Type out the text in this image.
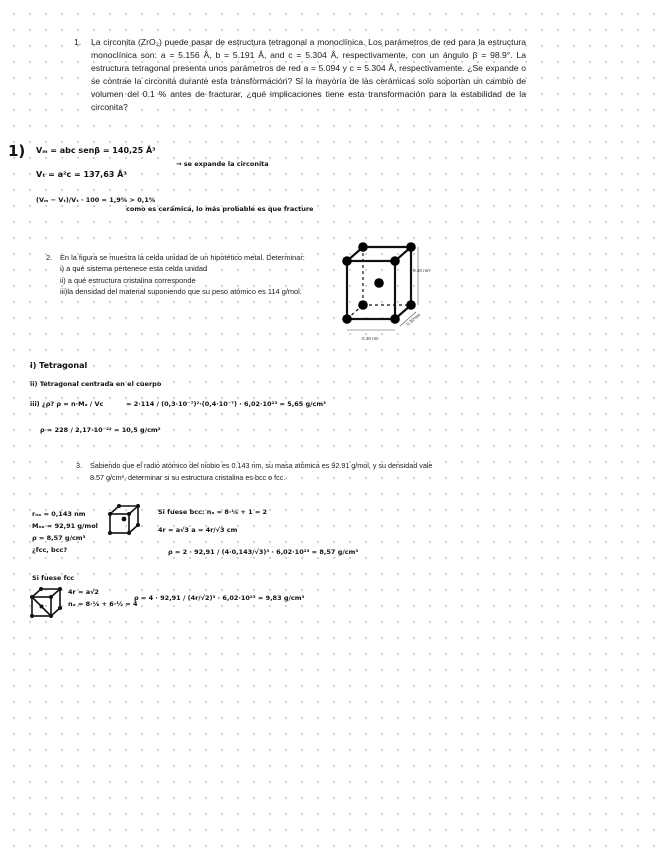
1. La circonita (ZrO₂) puede pasar de estructura tetragonal a monoclínica. Los parámetros de red para la estructura monoclínica son: a = 5.156 Å, b = 5.191 Å, and c = 5.304 Å, respectivamente, con un ángulo β = 98.9°. La estructura tetragonal presenta unos parámetros de red a = 5.094 y c = 5.304 Å, respectivamente. ¿Se expande o se contrae la circonita durante esta transformación? Si la mayoría de las cerámicas solo soportan un cambio de volumen del 0.1 % antes de fracturar, ¿qué implicaciones tiene esta transformación para la estabilidad de la circonita?
1) Vₘ = abc senβ = 140,25 Å³
→ se expande la circonita
Vₜ = a²c = 137,63 Å³
(Vₘ − Vₜ)/Vₜ · 100 = 1,9% > 0,1%
como es cerámica, lo más probable es que fracture
2. En la figura se muestra la celda unidad de un hipotético metal. Determinar:
i) a qué sistema pertenece esta celda unidad
ii) a qué estructura cristalina corresponde
iii)la densidad del material suponiendo que su peso atómico es 114 g/mol.
0.40 nm
0.30 nm
0.30 nm
i) Tetragonal
ii) Tetragonal centrada en el cuerpo
iii) ¿ρ? ρ = n·Mₐ / Vc	= 2·114 / (0,3·10⁻⁷)²·(0,4·10⁻⁷) · 6,02·10²³ = 5,65 g/cm³
ρ = 228 / 2,17·10⁻²² = 10,5 g/cm³
3. Sabiendo que el radio atómico del niobio es 0.143 nm, su masa atómica es 92.91 g/mol, y su densidad vale 8.57 g/cm³, determinar si su estructura cristalina es bcc o fcc.
rₙₒ = 0,143 nm
Mₙₒ = 92,91 g/mol
ρ = 8,57 g/cm³
¿fcc, bcc?
Si fuese bcc: nₐ = 8·⅛ + 1 = 2
4r = a√3 a = 4r/√3 cm
ρ = 2 · 92,91 / (4·0,143/√3)³ · 6,02·10²³ = 8,57 g/cm³
Si fuese fcc
4r = a√2
nₐ = 8·⅛ + 6·½ = 4
ρ = 4 · 92,91 / (4r/√2)³ · 6,02·10²³ = 9,83 g/cm³
